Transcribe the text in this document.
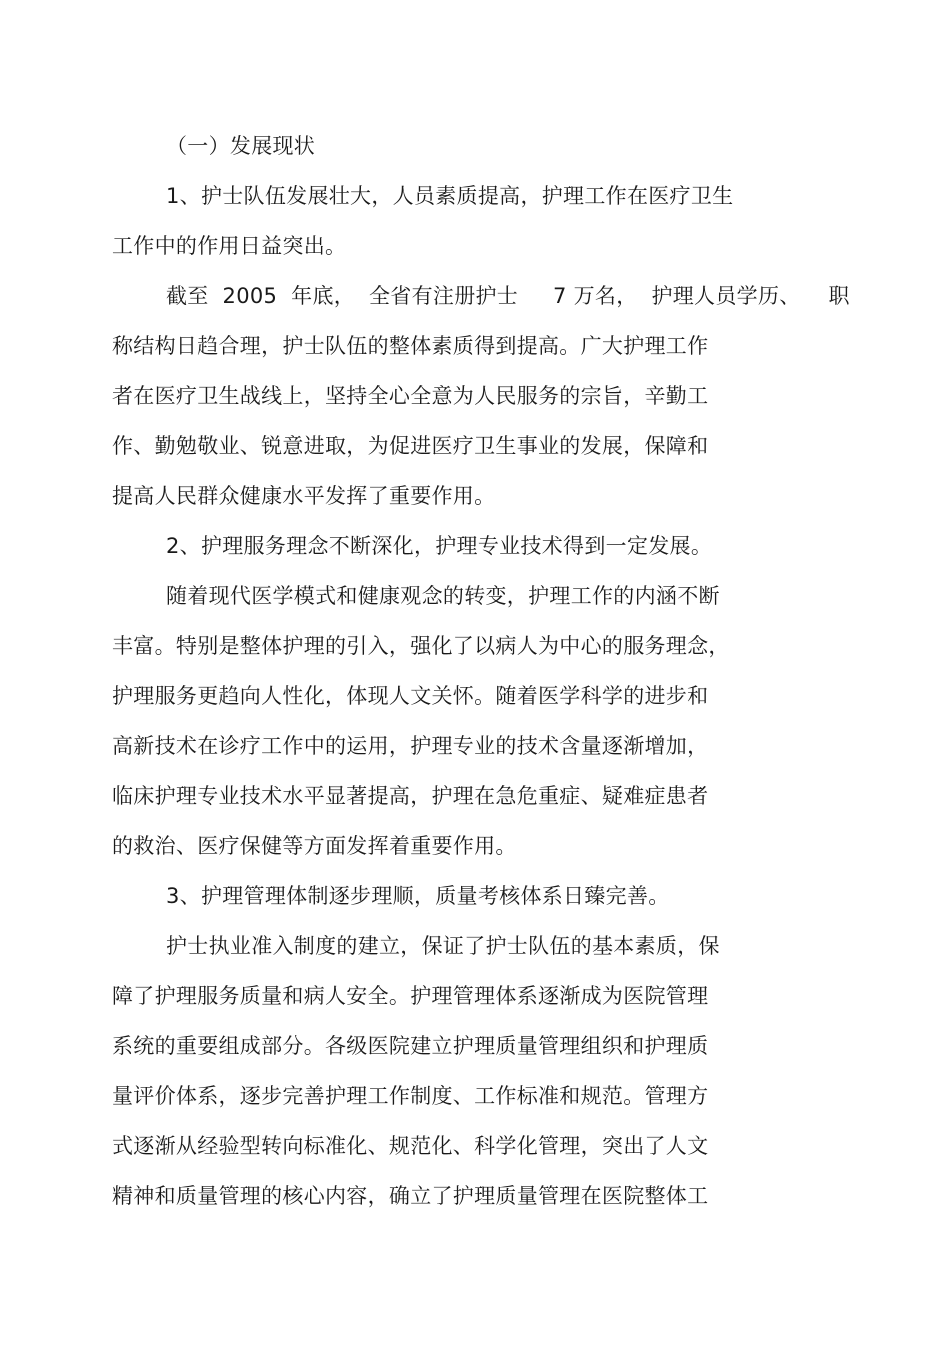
（一）发展现状
1、护士队伍发展壮大，人员素质提高，护理工作在医疗卫生
工作中的作用日益突出。
截至  2005  年底，  全省有注册护士     7 万名，  护理人员学历、    职
称结构日趋合理，护士队伍的整体素质得到提高。广大护理工作
者在医疗卫生战线上，坚持全心全意为人民服务的宗旨，辛勤工
作、勤勉敬业、锐意进取，为促进医疗卫生事业的发展，保障和
提高人民群众健康水平发挥了重要作用。
2、护理服务理念不断深化，护理专业技术得到一定发展。
随着现代医学模式和健康观念的转变，护理工作的内涵不断
丰富。特别是整体护理的引入，强化了以病人为中心的服务理念，
护理服务更趋向人性化，体现人文关怀。随着医学科学的进步和
高新技术在诊疗工作中的运用，护理专业的技术含量逐渐增加，
临床护理专业技术水平显著提高，护理在急危重症、疑难症患者
的救治、医疗保健等方面发挥着重要作用。
3、护理管理体制逐步理顺，质量考核体系日臻完善。
护士执业准入制度的建立，保证了护士队伍的基本素质，保
障了护理服务质量和病人安全。护理管理体系逐渐成为医院管理
系统的重要组成部分。各级医院建立护理质量管理组织和护理质
量评价体系，逐步完善护理工作制度、工作标准和规范。管理方
式逐渐从经验型转向标准化、规范化、科学化管理，突出了人文
精神和质量管理的核心内容，确立了护理质量管理在医院整体工
